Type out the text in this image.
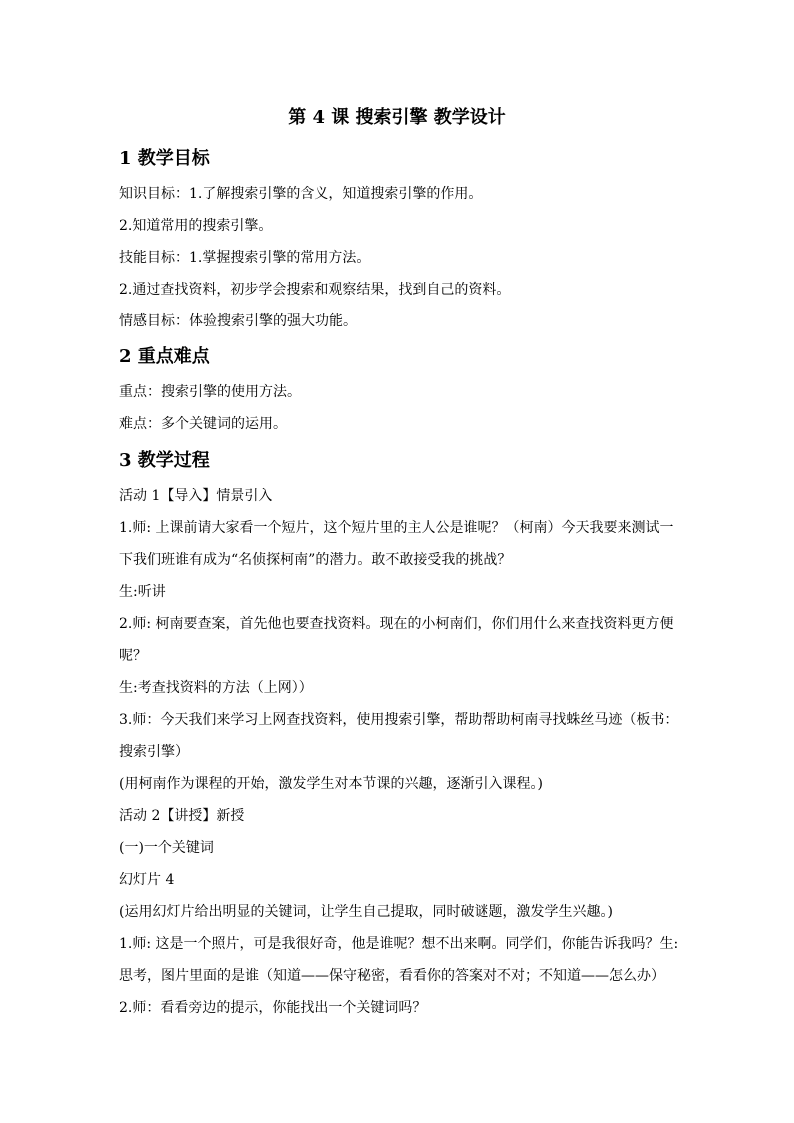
第 4 课 搜索引擎 教学设计
1 教学目标
知识目标：1.了解搜索引擎的含义，知道搜索引擎的作用。
2.知道常用的搜索引擎。
技能目标：1.掌握搜索引擎的常用方法。
2.通过查找资料，初步学会搜索和观察结果，找到自己的资料。
情感目标：体验搜索引擎的强大功能。
2 重点难点
重点：搜索引擎的使用方法。
难点：多个关键词的运用。
3 教学过程
活动 1【导入】情景引入
1.师: 上课前请大家看一个短片，这个短片里的主人公是谁呢？（柯南）今天我要来测试一
下我们班谁有成为“名侦探柯南”的潜力。敢不敢接受我的挑战？
生:听讲
2.师: 柯南要查案，首先他也要查找资料。现在的小柯南们，你们用什么来查找资料更方便
呢？
生:考查找资料的方法（上网））
3.师：今天我们来学习上网查找资料，使用搜索引擎，帮助帮助柯南寻找蛛丝马迹（板书：
搜索引擎）
(用柯南作为课程的开始，激发学生对本节课的兴趣，逐渐引入课程。)
活动 2【讲授】新授
(一)一个关键词
幻灯片 4
(运用幻灯片给出明显的关键词，让学生自己提取，同时破谜题，激发学生兴趣。)
1.师: 这是一个照片，可是我很好奇，他是谁呢？想不出来啊。同学们，你能告诉我吗？生:
思考，图片里面的是谁（知道——保守秘密，看看你的答案对不对；不知道——怎么办）
2.师：看看旁边的提示，你能找出一个关键词吗？
